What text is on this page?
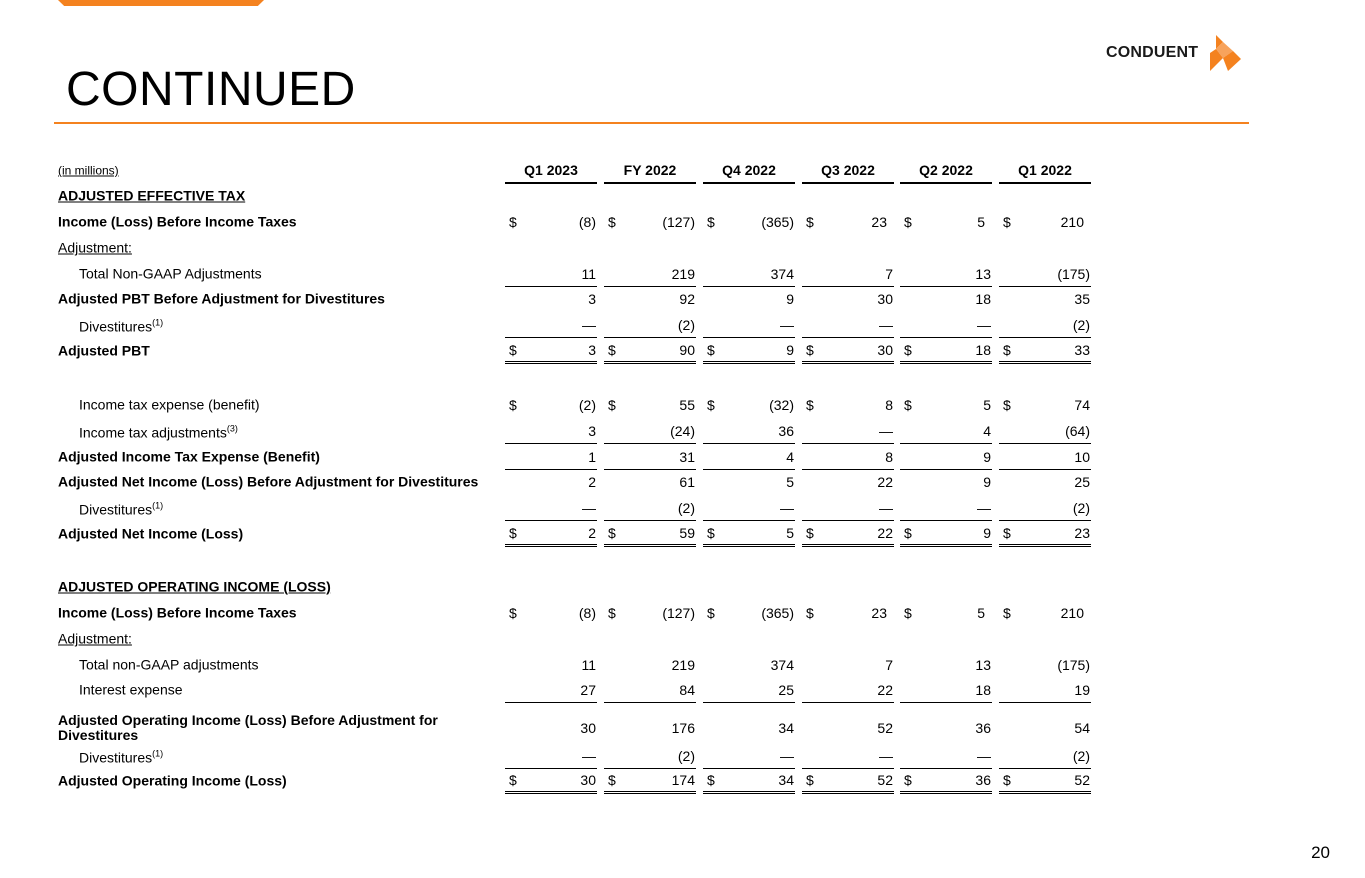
CONDUENT
CONTINUED
(in millions)	Q1 2023	FY 2022	Q4 2022	Q3 2022	Q2 2022	Q1 2022
ADJUSTED EFFECTIVE TAX
Income (Loss) Before Income Taxes	$	(8) $	(127) $	(365) $	23 $	5 $	210
Adjustment:
Total Non-GAAP Adjustments	11	219	374	7	13	(175)
Adjusted PBT Before Adjustment for Divestitures	3	92	9	30	18	35
Divestitures$^{(1)}$	—	(2)	—	—	—	(2)
Adjusted PBT	$	3 $	90 $	9 $	30 $	18 $	33
Income tax expense (benefit)	$	(2) $	55 $	(32) $	8 $	5 $	74
Income tax adjustments$^{(3)}$	3	(24)	36	—	4	(64)
Adjusted Income Tax Expense (Benefit)	1	31	4	8	9	10
Adjusted Net Income (Loss) Before Adjustment for Divestitures	2	61	5	22	9	25
Divestitures$^{(1)}$	—	(2)	—	—	—	(2)
Adjusted Net Income (Loss)	$	2 $	59 $	5 $	22 $	9 $	23
ADJUSTED OPERATING INCOME (LOSS)
Income (Loss) Before Income Taxes	$	(8) $	(127) $	(365) $	23 $	5 $	210
Adjustment:
Total non-GAAP adjustments	11	219	374	7	13	(175)
Interest expense	27	84	25	22	18	19
Adjusted Operating Income (Loss) Before Adjustment for Divestitures	30	176	34	52	36	54
Divestitures$^{(1)}$	—	(2)	—	—	—	(2)
Adjusted Operating Income (Loss)	$	30 $	174 $	34 $	52 $	36 $	52
20
